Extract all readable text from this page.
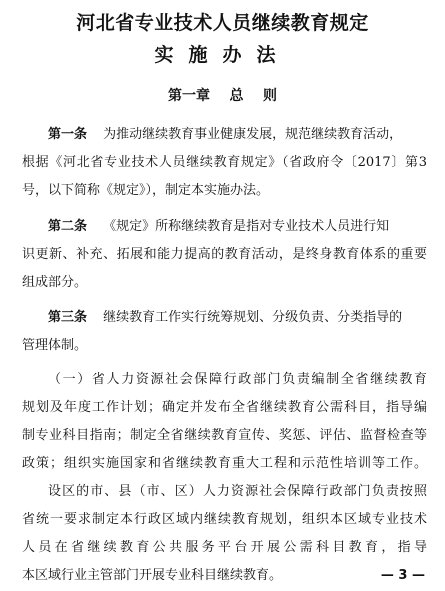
河北省专业技术人员继续教育规定
实施办法
第一章    总    则
第一条 为推动继续教育事业健康发展，规范继续教育活动，
根据《河北省专业技术人员继续教育规定》（省政府令〔2017〕第3
号，以下简称《规定》），制定本实施办法。
第二条 《规定》所称继续教育是指对专业技术人员进行知
识更新、补充、拓展和能力提高的教育活动，是终身教育体系的重要
组成部分。
第三条 继续教育工作实行统筹规划、分级负责、分类指导的
管理体制。
（一）省人力资源社会保障行政部门负责编制全省继续教育
规划及年度工作计划；确定并发布全省继续教育公需科目，指导编
制专业科目指南；制定全省继续教育宣传、奖惩、评估、监督检查等
政策；组织实施国家和省继续教育重大工程和示范性培训等工作。
设区的市、县（市、区）人力资源社会保障行政部门负责按照
省统一要求制定本行政区域内继续教育规划，组织本区域专业技术
人员在省继续教育公共服务平台开展公需科目教育，指导
本区域行业主管部门开展专业科目继续教育。	— 3 —
